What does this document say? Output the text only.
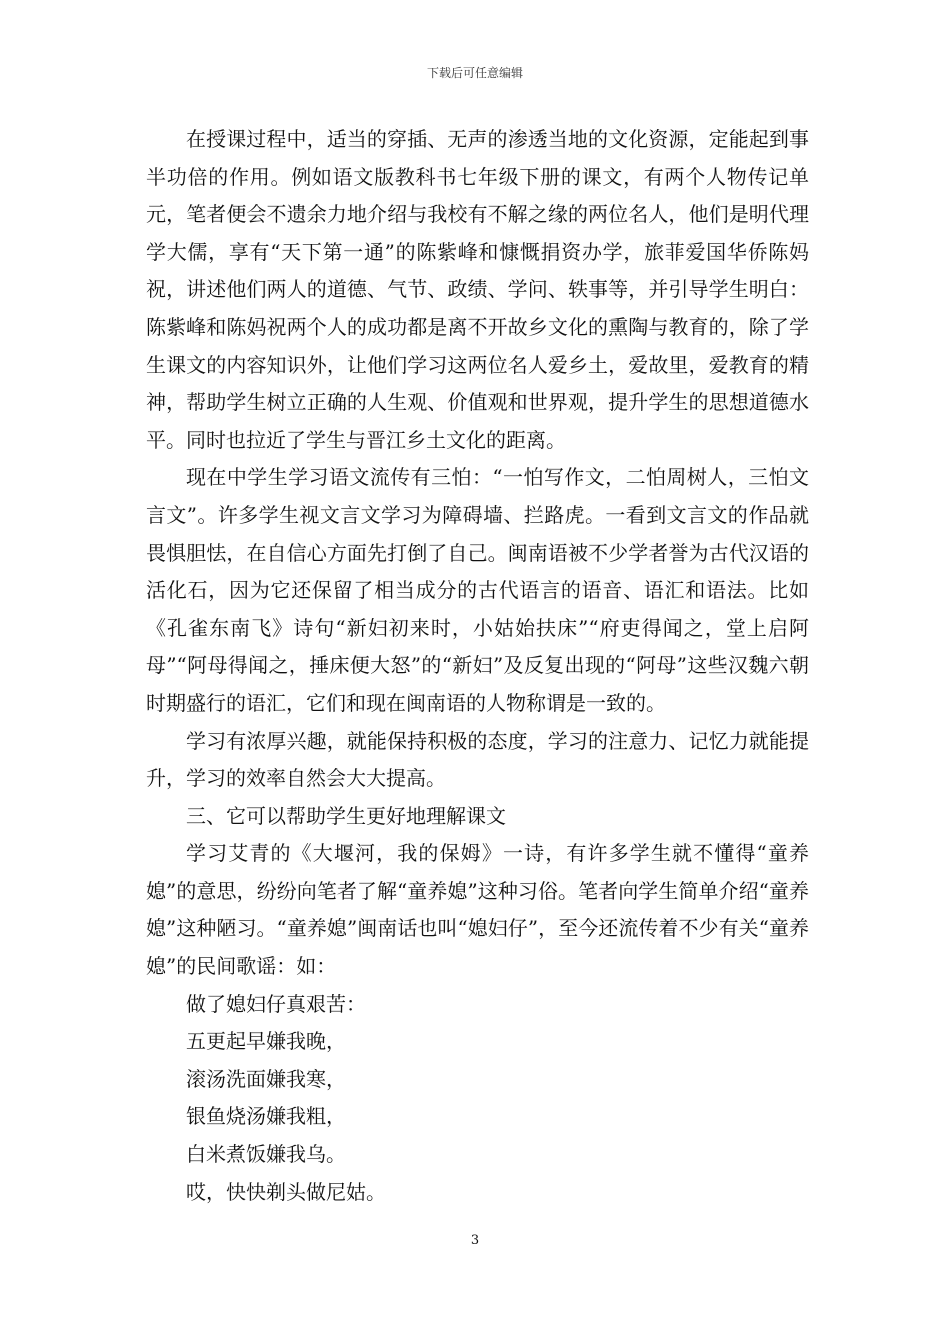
下载后可任意编辑

在授课过程中，适当的穿插、无声的渗透当地的文化资源，定能起到事半功倍的作用。例如语文版教科书七年级下册的课文，有两个人物传记单元，笔者便会不遗余力地介绍与我校有不解之缘的两位名人，他们是明代理学大儒，享有“天下第一通”的陈紫峰和慷慨捐资办学，旅菲爱国华侨陈妈祝，讲述他们两人的道德、气节、政绩、学问、轶事等，并引导学生明白：陈紫峰和陈妈祝两个人的成功都是离不开故乡文化的熏陶与教育的，除了学生课文的内容知识外，让他们学习这两位名人爱乡土，爱故里，爱教育的精神，帮助学生树立正确的人生观、价值观和世界观，提升学生的思想道德水平。同时也拉近了学生与晋江乡土文化的距离。

现在中学生学习语文流传有三怕：“一怕写作文，二怕周树人，三怕文言文”。许多学生视文言文学习为障碍墙、拦路虎。一看到文言文的作品就畏惧胆怯，在自信心方面先打倒了自己。闽南语被不少学者誉为古代汉语的活化石，因为它还保留了相当成分的古代语言的语音、语汇和语法。比如《孔雀东南飞》诗句“新妇初来时，小姑始扶床”“府吏得闻之，堂上启阿母”“阿母得闻之，捶床便大怒”的“新妇”及反复出现的“阿母”这些汉魏六朝时期盛行的语汇，它们和现在闽南语的人物称谓是一致的。

学习有浓厚兴趣，就能保持积极的态度，学习的注意力、记忆力就能提升，学习的效率自然会大大提高。

三、它可以帮助学生更好地理解课文

学习艾青的《大堰河，我的保姆》一诗，有许多学生就不懂得“童养媳”的意思，纷纷向笔者了解“童养媳”这种习俗。笔者向学生简单介绍“童养媳”这种陋习。“童养媳”闽南话也叫“媳妇仔”，至今还流传着不少有关“童养媳”的民间歌谣：如：

做了媳妇仔真艰苦：

五更起早嫌我晚，

滚汤洗面嫌我寒，

银鱼烧汤嫌我粗，

白米煮饭嫌我乌。

哎，快快剃头做尼姑。

3
